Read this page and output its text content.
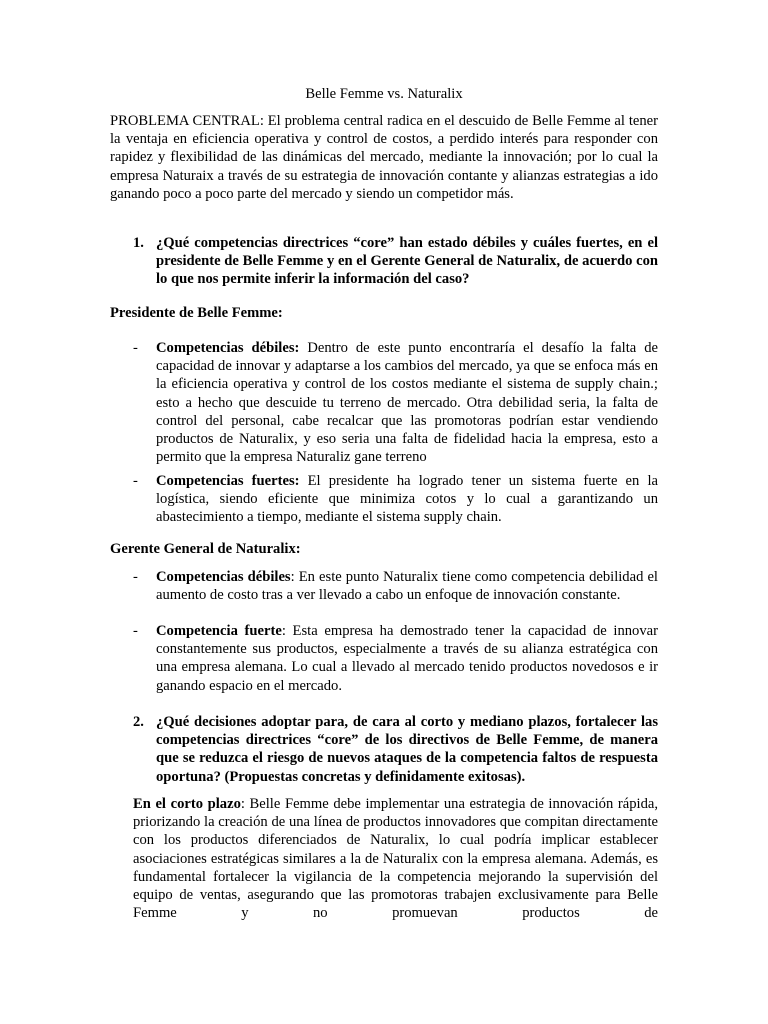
Belle Femme vs. Naturalix
PROBLEMA CENTRAL: El problema central radica en el descuido de Belle Femme al tener la ventaja en eficiencia operativa y control de costos, a perdido interés para responder con rapidez y flexibilidad de las dinámicas del mercado, mediante la innovación; por lo cual la empresa Naturaix a través de su estrategia de innovación contante y alianzas estrategias a ido ganando poco a poco parte del mercado y siendo un competidor más.
1. ¿Qué competencias directrices “core” han estado débiles y cuáles fuertes, en el presidente de Belle Femme y en el Gerente General de Naturalix, de acuerdo con lo que nos permite inferir la información del caso?
Presidente de Belle Femme:
- Competencias débiles: Dentro de este punto encontraría el desafío la falta de capacidad de innovar y adaptarse a los cambios del mercado, ya que se enfoca más en la eficiencia operativa y control de los costos mediante el sistema de supply chain.; esto a hecho que descuide tu terreno de mercado. Otra debilidad seria, la falta de control del personal, cabe recalcar que las promotoras podrían estar vendiendo productos de Naturalix, y eso seria una falta de fidelidad hacia la empresa, esto a permito que la empresa Naturaliz gane terreno
- Competencias fuertes: El presidente ha logrado tener un sistema fuerte en la logística, siendo eficiente que minimiza cotos y lo cual a garantizando un abastecimiento a tiempo, mediante el sistema supply chain.
Gerente General de Naturalix:
- Competencias débiles: En este punto Naturalix tiene como competencia debilidad el aumento de costo tras a ver llevado a cabo un enfoque de innovación constante.
- Competencia fuerte: Esta empresa ha demostrado tener la capacidad de innovar constantemente sus productos, especialmente a través de su alianza estratégica con una empresa alemana. Lo cual a llevado al mercado tenido productos novedosos e ir ganando espacio en el mercado.
2. ¿Qué decisiones adoptar para, de cara al corto y mediano plazos, fortalecer las competencias directrices “core” de los directivos de Belle Femme, de manera que se reduzca el riesgo de nuevos ataques de la competencia faltos de respuesta oportuna? (Propuestas concretas y definidamente exitosas).
En el corto plazo: Belle Femme debe implementar una estrategia de innovación rápida, priorizando la creación de una línea de productos innovadores que compitan directamente con los productos diferenciados de Naturalix, lo cual podría implicar establecer asociaciones estratégicas similares a la de Naturalix con la empresa alemana. Además, es fundamental fortalecer la vigilancia de la competencia mejorando la supervisión del equipo de ventas, asegurando que las promotoras trabajen exclusivamente para Belle Femme y no promuevan productos de
